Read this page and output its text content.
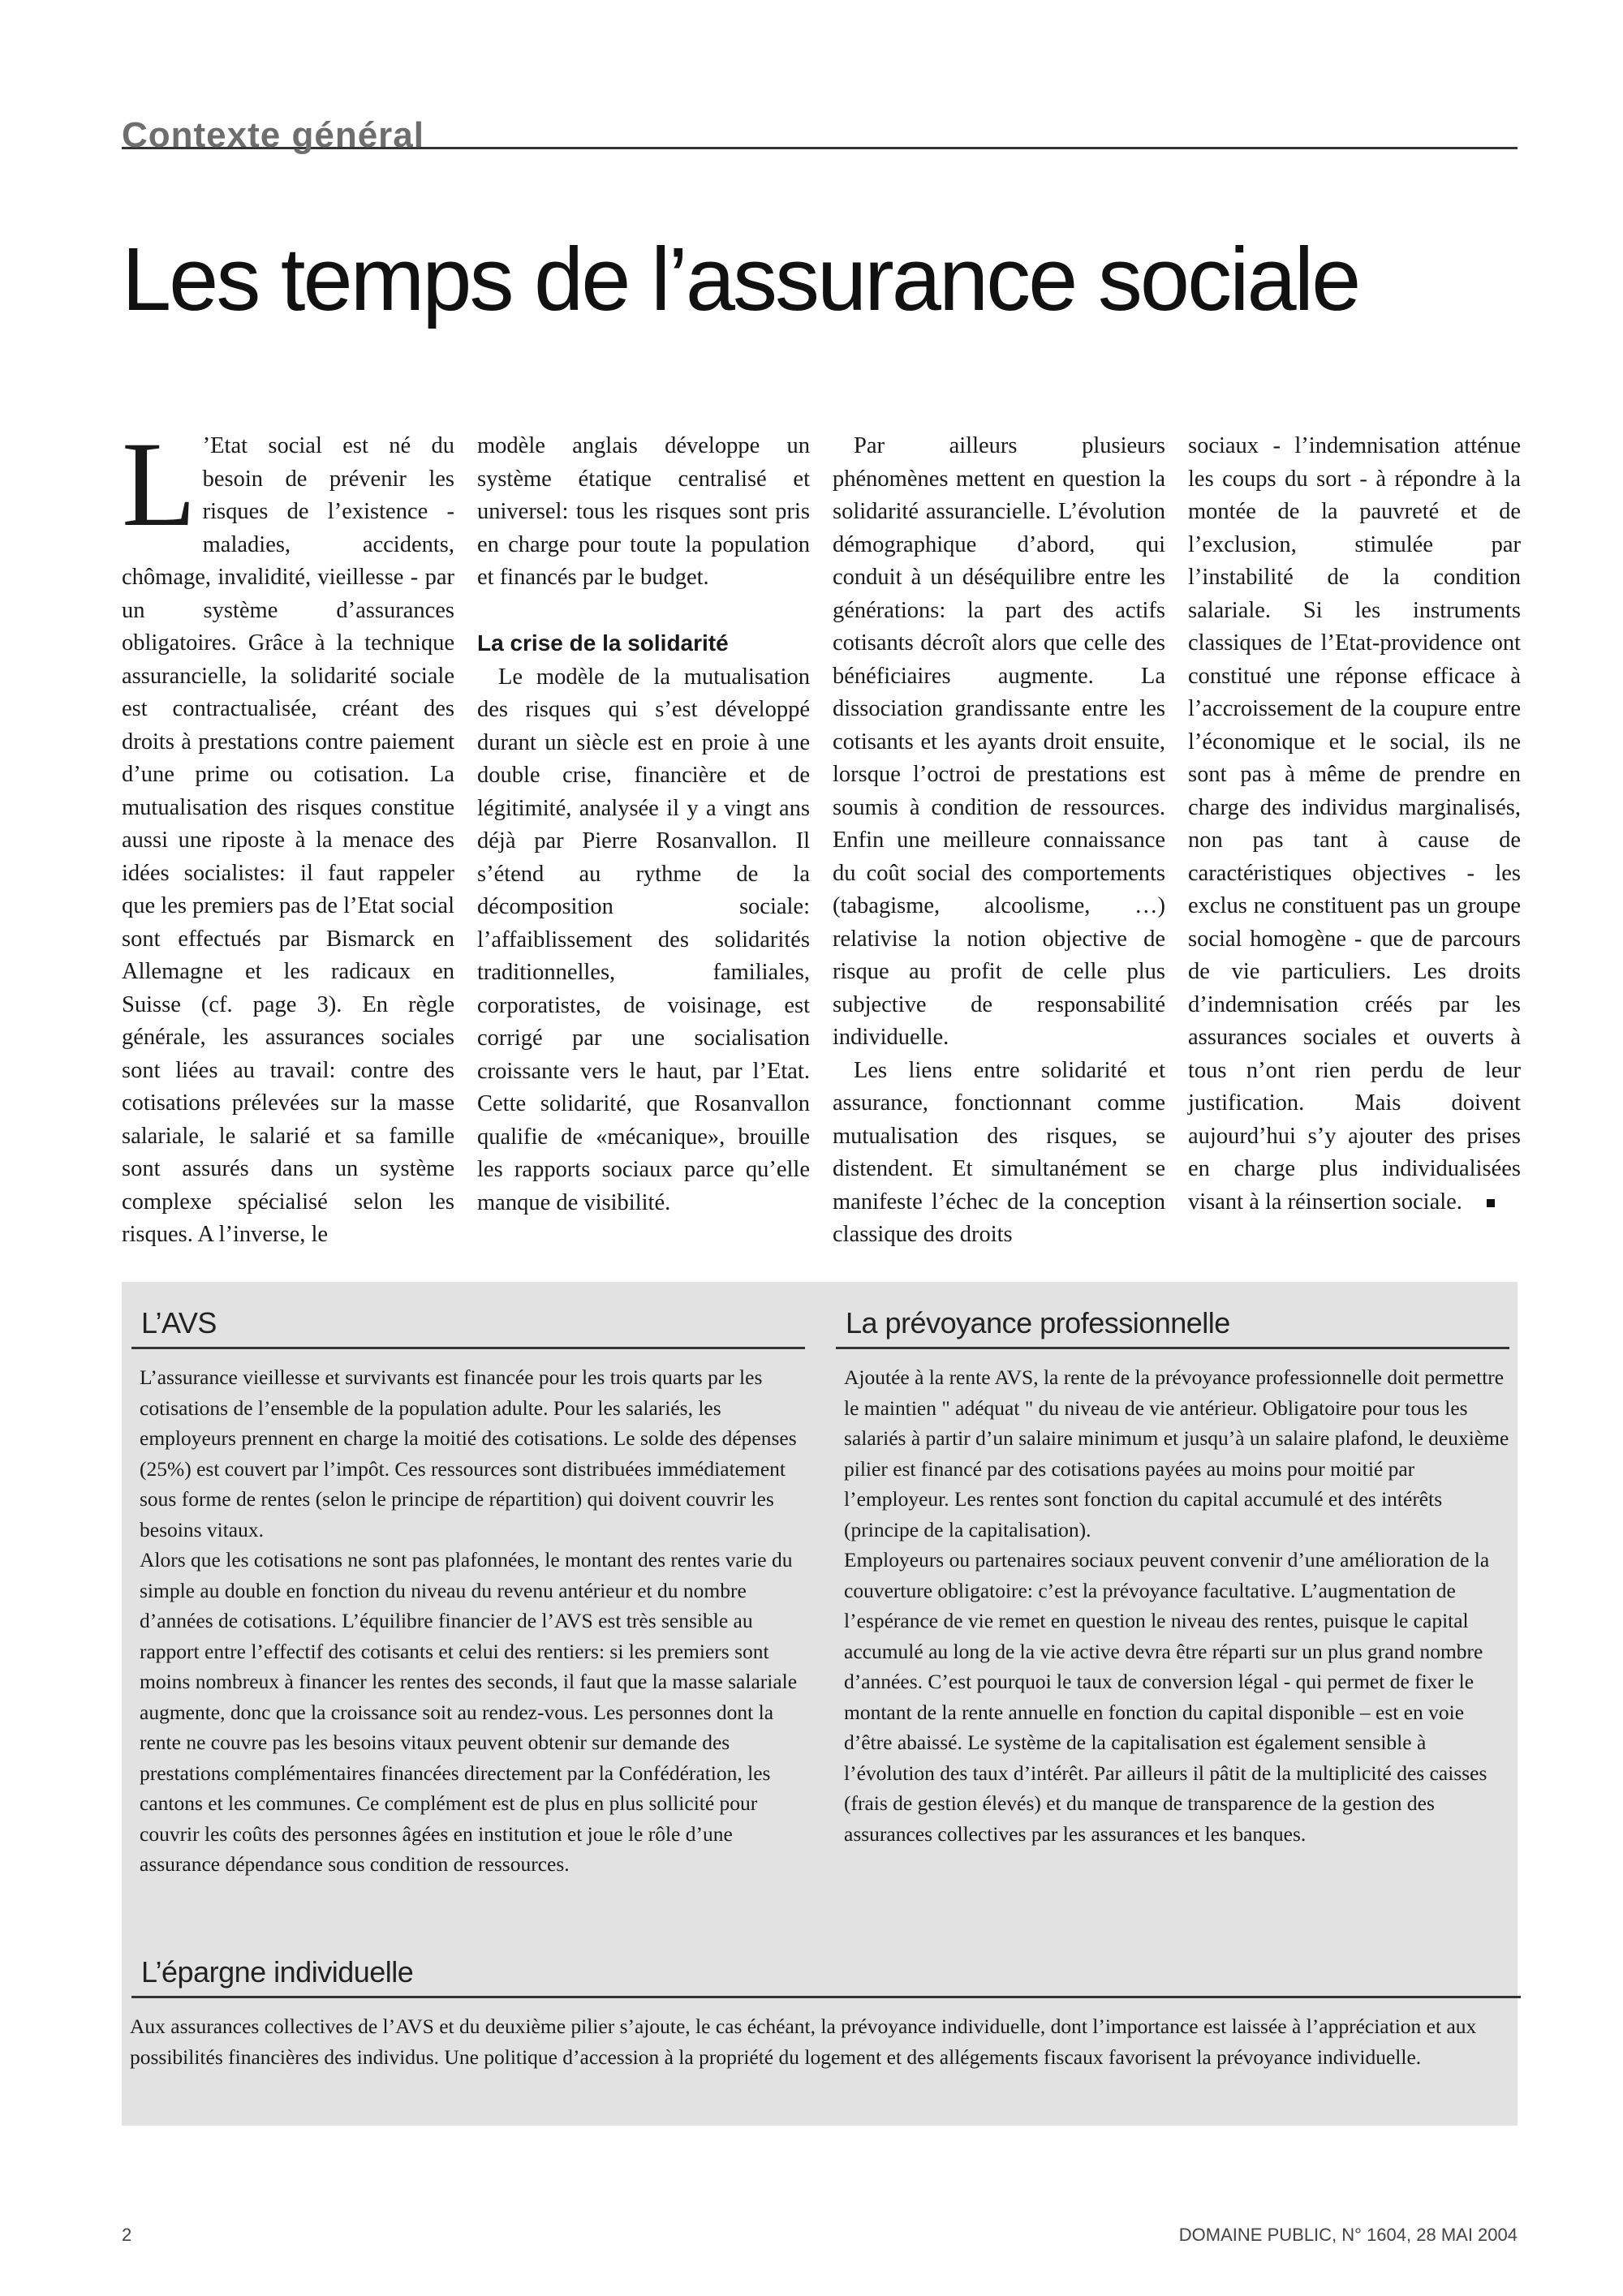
Contexte général
Les temps de l’assurance sociale

L ’Etat social est né du besoin de prévenir les risques de l’existence - maladies, accidents, chômage, invalidité, vieillesse - par un système d’assurances obligatoires. Grâce à la technique assurancielle, la solidarité sociale est contractualisée, créant des droits à prestations contre paiement d’une prime ou cotisation. La mutualisation des risques constitue aussi une riposte à la menace des idées socialistes: il faut rappeler que les premiers pas de l’Etat social sont effectués par Bismarck en Allemagne et les radicaux en Suisse (cf. page 3). En règle générale, les assurances sociales sont liées au travail: contre des cotisations prélevées sur la masse salariale, le salarié et sa famille sont assurés dans un système complexe spécialisé selon les risques. A l’inverse, le

modèle anglais développe un système étatique centralisé et universel: tous les risques sont pris en charge pour toute la population et financés par le budget.

La crise de la solidarité

Le modèle de la mutualisation des risques qui s’est développé durant un siècle est en proie à une double crise, financière et de légitimité, analysée il y a vingt ans déjà par Pierre Rosanvallon. Il s’étend au rythme de la décomposition sociale: l’affaiblissement des solidarités traditionnelles, familiales, corporatistes, de voisinage, est corrigé par une socialisation croissante vers le haut, par l’Etat. Cette solidarité, que Rosanvallon qualifie de «mécanique», brouille les rapports sociaux parce qu’elle manque de visibilité.

Par ailleurs plusieurs phénomènes mettent en question la solidarité assurancielle. L’évolution démographique d’abord, qui conduit à un déséquilibre entre les générations: la part des actifs cotisants décroît alors que celle des bénéficiaires augmente. La dissociation grandissante entre les cotisants et les ayants droit ensuite, lorsque l’octroi de prestations est soumis à condition de ressources. Enfin une meilleure connaissance du coût social des comportements (tabagisme, alcoolisme, …) relativise la notion objective de risque au profit de celle plus subjective de responsabilité individuelle.

Les liens entre solidarité et assurance, fonctionnant comme mutualisation des risques, se distendent. Et simultanément se manifeste l’échec de la conception classique des droits

sociaux - l’indemnisation atténue les coups du sort - à répondre à la montée de la pauvreté et de l’exclusion, stimulée par l’instabilité de la condition salariale. Si les instruments classiques de l’Etat-providence ont constitué une réponse efficace à l’accroissement de la coupure entre l’économique et le social, ils ne sont pas à même de prendre en charge des individus marginalisés, non pas tant à cause de caractéristiques objectives - les exclus ne constituent pas un groupe social homogène - que de parcours de vie particuliers. Les droits d’indemnisation créés par les assurances sociales et ouverts à tous n’ont rien perdu de leur justification. Mais doivent aujourd’hui s’y ajouter des prises en charge plus individualisées visant à la réinsertion sociale.

L’AVS

L’assurance vieillesse et survivants est financée pour les trois quarts par les cotisations de l’ensemble de la population adulte. Pour les salariés, les employeurs prennent en charge la moitié des cotisations. Le solde des dépenses (25%) est couvert par l’impôt. Ces ressources sont distribuées immédiatement sous forme de rentes (selon le principe de répartition) qui doivent couvrir les besoins vitaux.

Alors que les cotisations ne sont pas plafonnées, le montant des rentes varie du simple au double en fonction du niveau du revenu antérieur et du nombre d’années de cotisations. L’équilibre financier de l’AVS est très sensible au rapport entre l’effectif des cotisants et celui des rentiers: si les premiers sont moins nombreux à financer les rentes des seconds, il faut que la masse salariale augmente, donc que la croissance soit au rendez-vous. Les personnes dont la rente ne couvre pas les besoins vitaux peuvent obtenir sur demande des prestations complémentaires financées directement par la Confédération, les cantons et les communes. Ce complément est de plus en plus sollicité pour couvrir les coûts des personnes âgées en institution et joue le rôle d’une assurance dépendance sous condition de ressources.

La prévoyance professionnelle

Ajoutée à la rente AVS, la rente de la prévoyance professionnelle doit permettre le maintien " adéquat " du niveau de vie antérieur. Obligatoire pour tous les salariés à partir d’un salaire minimum et jusqu’à un salaire plafond, le deuxième pilier est financé par des cotisations payées au moins pour moitié par l’employeur. Les rentes sont fonction du capital accumulé et des intérêts (principe de la capitalisation).

Employeurs ou partenaires sociaux peuvent convenir d’une amélioration de la couverture obligatoire: c’est la prévoyance facultative. L’augmentation de l’espérance de vie remet en question le niveau des rentes, puisque le capital accumulé au long de la vie active devra être réparti sur un plus grand nombre d’années. C’est pourquoi le taux de conversion légal - qui permet de fixer le montant de la rente annuelle en fonction du capital disponible – est en voie d’être abaissé. Le système de la capitalisation est également sensible à l’évolution des taux d’intérêt. Par ailleurs il pâtit de la multiplicité des caisses (frais de gestion élevés) et du manque de transparence de la gestion des assurances collectives par les assurances et les banques.

L’épargne individuelle

Aux assurances collectives de l’AVS et du deuxième pilier s’ajoute, le cas échéant, la prévoyance individuelle, dont l’importance est laissée à l’appréciation et aux possibilités financières des individus. Une politique d’accession à la propriété du logement et des allégements fiscaux favorisent la prévoyance individuelle.

2	DOMAINE PUBLIC, N° 1604, 28 MAI 2004
